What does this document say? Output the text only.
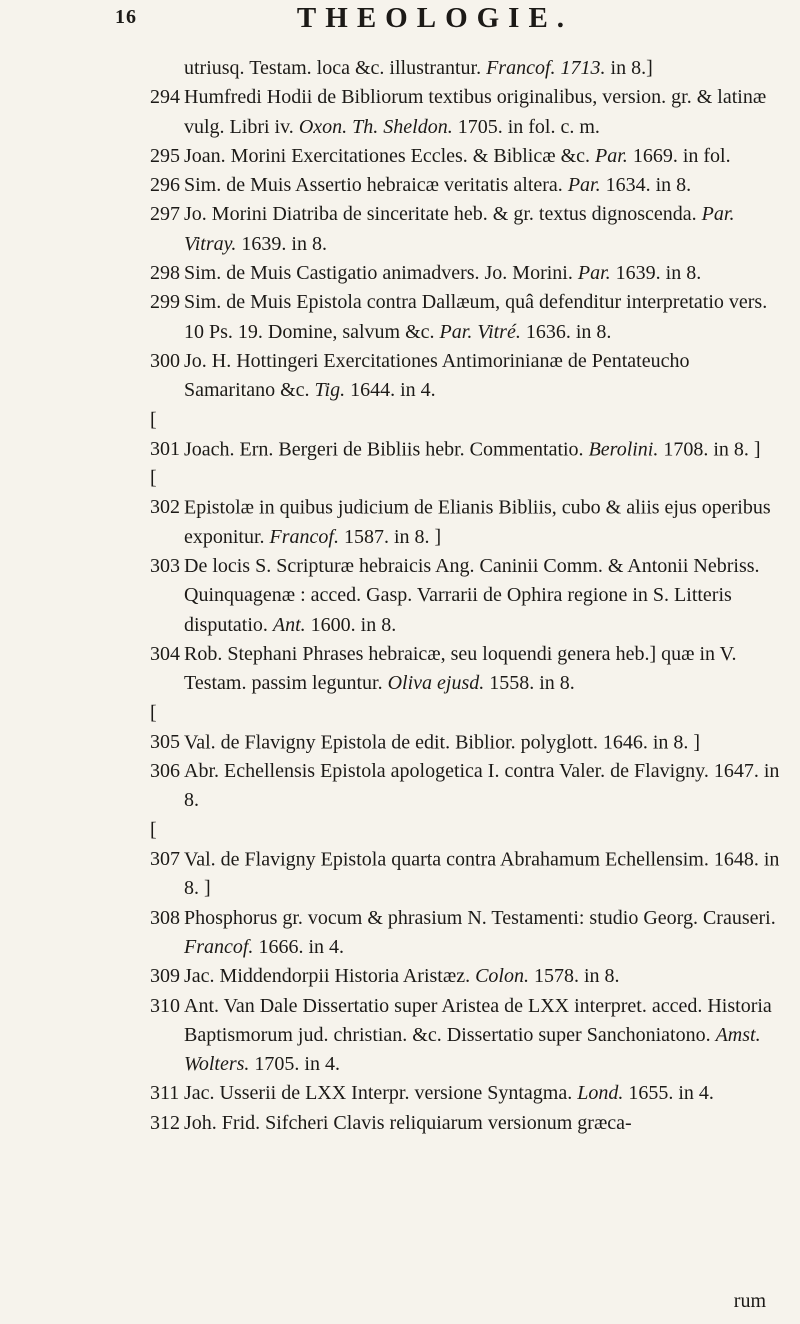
16	THEOLOGIE.

utriusq. Testam. loca &c. illustrantur. Francof. 1713. in 8.]

294 Humfredi Hodii de Bibliorum textibus originalibus, version. gr. & latinæ vulg. Libri iv. Oxon. Th. Sheldon. 1705. in fol. c. m.

295 Joan. Morini Exercitationes Eccles. & Biblicæ &c. Par. 1669. in fol.

296 Sim. de Muis Assertio hebraicæ veritatis altera. Par. 1634. in 8.

297 Jo. Morini Diatriba de sinceritate heb. & gr. textus dignoscenda. Par. Vitray. 1639. in 8.

298 Sim. de Muis Castigatio animadvers. Jo. Morini. Par. 1639. in 8.

299 Sim. de Muis Epistola contra Dallæum, quâ defenditur interpretatio vers. 10 Ps. 19. Domine, salvum &c. Par. Vitré. 1636. in 8.

300 Jo. H. Hottingeri Exercitationes Antimorinianæ de Pentateucho Samaritano &c. Tig. 1644. in 4.

[ 301 Joach. Ern. Bergeri de Bibliis hebr. Commentatio. Berolini. 1708. in 8. ]

[ 302 Epistolæ in quibus judicium de Elianis Bibliis, cubo & aliis ejus operibus exponitur. Francof. 1587. in 8. ]

303 De locis S. Scripturæ hebraicis Ang. Caninii Comm. & Antonii Nebriss. Quinquagenæ : acced. Gasp. Varrarii de Ophira regione in S. Litteris disputatio. Ant. 1600. in 8.

304 Rob. Stephani Phrases hebraicæ, seu loquendi genera heb.] quæ in V. Testam. passim leguntur. Oliva ejusd. 1558. in 8.

[ 305 Val. de Flavigny Epistola de edit. Biblior. polyglott. 1646. in 8. ]

306 Abr. Echellensis Epistola apologetica I. contra Valer. de Flavigny. 1647. in 8.

[ 307 Val. de Flavigny Epistola quarta contra Abrahamum Echellensim. 1648. in 8. ]

308 Phosphorus gr. vocum & phrasium N. Testamenti: studio Georg. Crauseri. Francof. 1666. in 4.

309 Jac. Middendorpii Historia Aristæz. Colon. 1578. in 8.

310 Ant. Van Dale Dissertatio super Aristea de LXX interpret. acced. Historia Baptismorum jud. christian. &c. Dissertatio super Sanchoniatono. Amst. Wolters. 1705. in 4.

311 Jac. Usserii de LXX Interpr. versione Syntagma. Lond. 1655. in 4.

312 Joh. Frid. Sifcheri Clavis reliquiarum versionum græca-

rum
